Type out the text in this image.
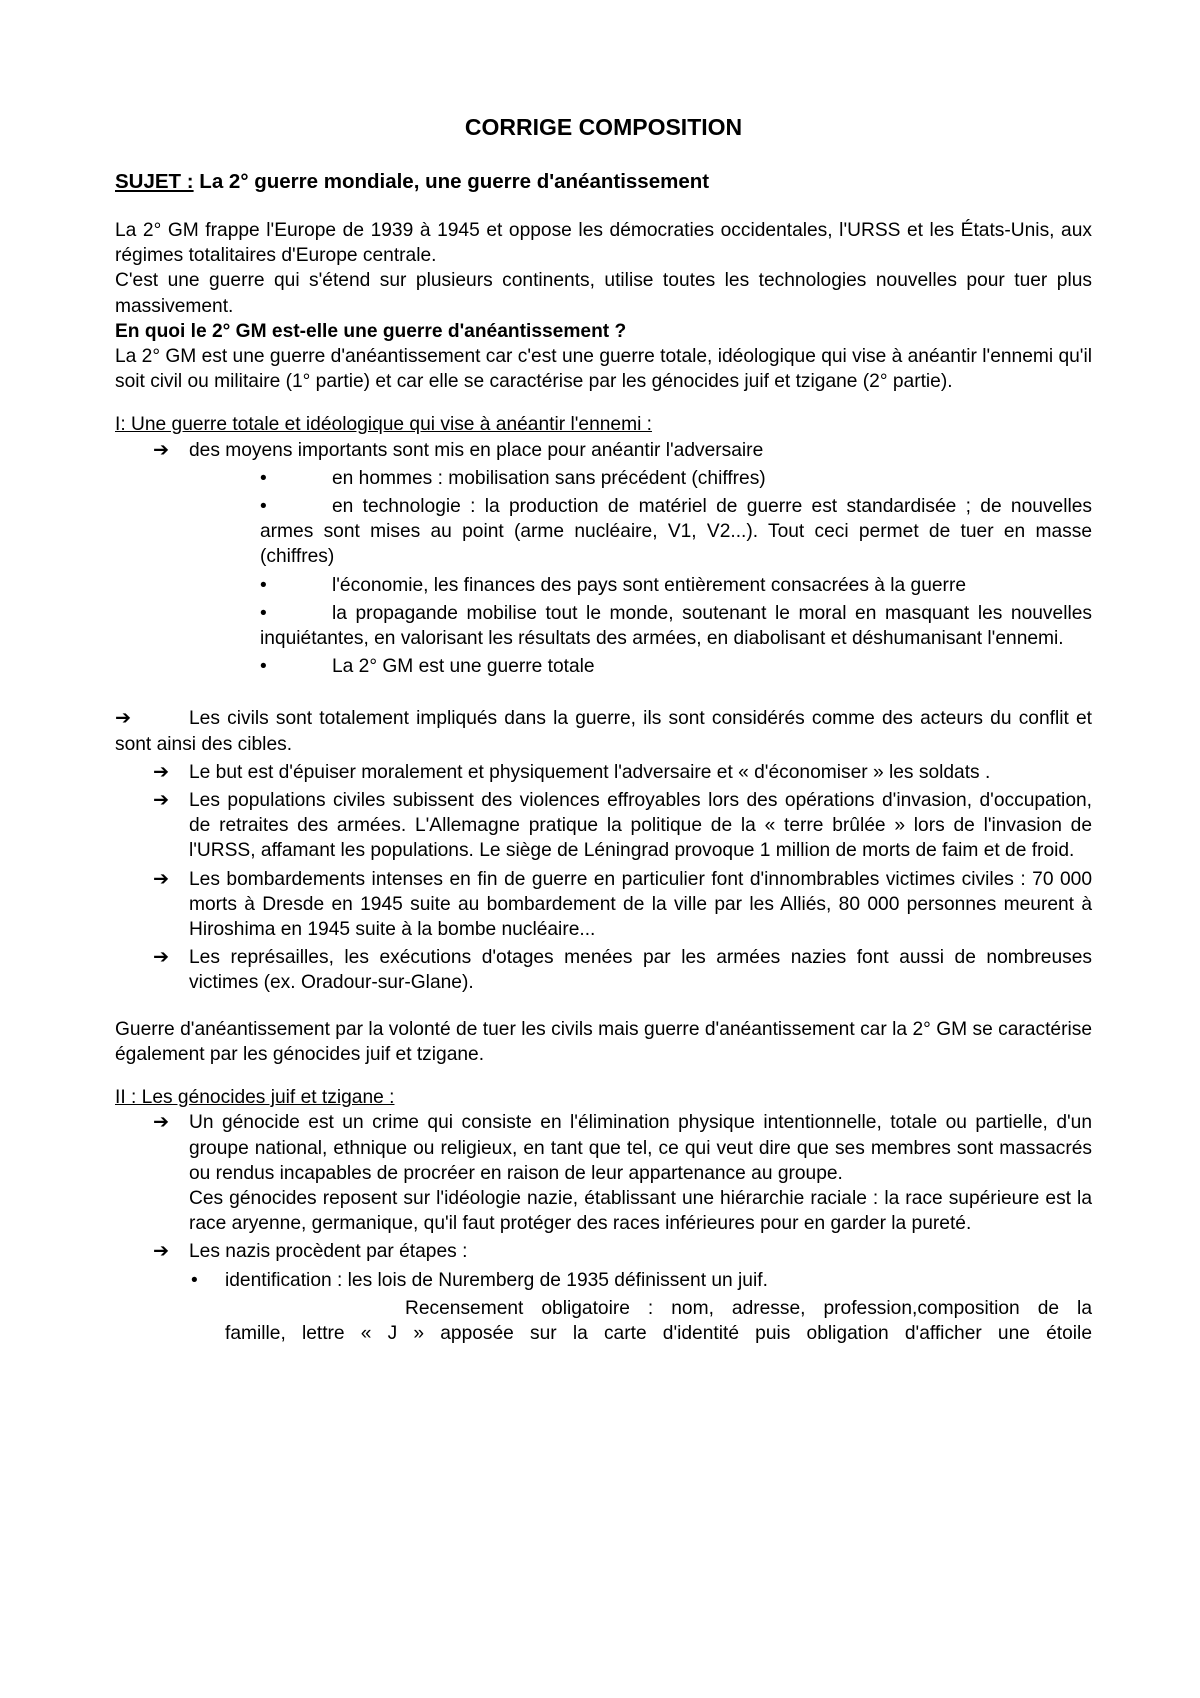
CORRIGE COMPOSITION
SUJET : La 2° guerre mondiale, une guerre d'anéantissement

La 2° GM frappe l'Europe de 1939 à 1945 et oppose les démocraties occidentales, l'URSS et les États-Unis, aux régimes totalitaires d'Europe centrale.

C'est une guerre qui s'étend sur plusieurs continents, utilise toutes les technologies nouvelles pour tuer plus massivement.

En quoi le 2° GM est-elle une guerre d'anéantissement ?

La 2° GM est une guerre d'anéantissement car c'est une guerre totale, idéologique qui vise à anéantir l'ennemi qu'il soit civil ou militaire (1° partie) et car elle se caractérise par les génocides juif et tzigane (2° partie).

I: Une guerre totale et idéologique qui vise à anéantir l'ennemi :

➔ des moyens importants sont mis en place pour anéantir l'adversaire
•	en hommes : mobilisation sans précédent (chiffres)
•	en technologie : la production de matériel de guerre est standardisée ; de nouvelles armes sont mises au point (arme nucléaire, V1, V2...). Tout ceci permet de tuer en masse (chiffres)
•	l'économie, les finances des pays sont entièrement consacrées à la guerre
•	la propagande mobilise tout le monde, soutenant le moral en masquant les nouvelles inquiétantes, en valorisant les résultats des armées, en diabolisant et déshumanisant l'ennemi.
•	La 2° GM est une guerre totale
➔	Les civils sont totalement impliqués dans la guerre, ils sont considérés comme des acteurs du conflit et sont ainsi des cibles.
➔ Le but est d'épuiser moralement et physiquement l'adversaire et « d'économiser » les soldats .
➔ Les populations civiles subissent des violences effroyables lors des opérations d'invasion, d'occupation, de retraites des armées. L'Allemagne pratique la politique de la « terre brûlée » lors de l'invasion de l'URSS, affamant les populations. Le siège de Léningrad provoque 1 million de morts de faim et de froid.
➔ Les bombardements intenses en fin de guerre en particulier font d'innombrables victimes civiles : 70 000 morts à Dresde en 1945 suite au bombardement de la ville par les Alliés, 80 000 personnes meurent à Hiroshima en 1945 suite à la bombe nucléaire...
➔ Les représailles, les exécutions d'otages menées par les armées nazies font aussi de nombreuses victimes (ex. Oradour-sur-Glane).

Guerre d'anéantissement par la volonté de tuer les civils mais guerre d'anéantissement car la 2° GM se caractérise également par les génocides juif et tzigane.

II : Les génocides juif et tzigane :

➔ Un génocide est un crime qui consiste en l'élimination physique intentionnelle, totale ou partielle, d'un groupe national, ethnique ou religieux, en tant que tel, ce qui veut dire que ses membres sont massacrés ou rendus incapables de procréer en raison de leur appartenance au groupe.
Ces génocides reposent sur l'idéologie nazie, établissant une hiérarchie raciale : la race supérieure est la race aryenne, germanique, qu'il faut protéger des races inférieures pour en garder la pureté.
➔ Les nazis procèdent par étapes :
• identification : les lois de Nuremberg de 1935 définissent un juif.
Recensement obligatoire : nom, adresse, profession,composition de la
famille, lettre « J » apposée sur la carte d'identité puis obligation d'afficher une étoile
